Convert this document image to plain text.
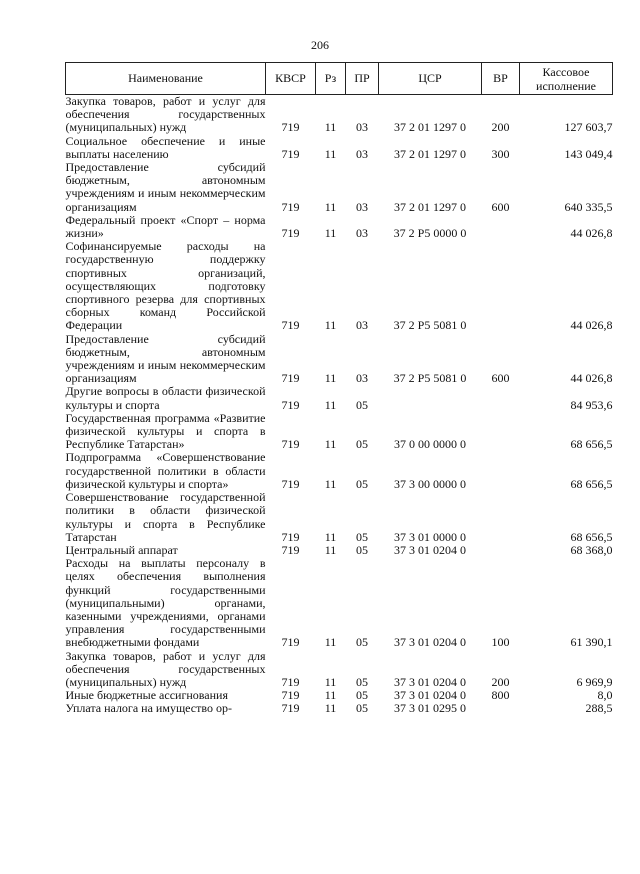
206
Наименование	КВСР	Рз	ПР	ЦСР	ВР	Кассовое исполнение
Закупка товаров, работ и услуг для обеспечения государственных (муниципальных) нужд	719	11	03	37 2 01 1297 0	200	127 603,7
Социальное обеспечение и иные выплаты населению	719	11	03	37 2 01 1297 0	300	143 049,4
Предоставление субсидий бюджетным, автономным учреждениям и иным некоммерческим организациям	719	11	03	37 2 01 1297 0	600	640 335,5
Федеральный проект «Спорт – норма жизни»	719	11	03	37 2 P5 0000 0		44 026,8
Софинансируемые расходы на государственную поддержку спортивных организаций, осуществляющих подготовку спортивного резерва для спортивных сборных команд Российской Федерации	719	11	03	37 2 P5 5081 0		44 026,8
Предоставление субсидий бюджетным, автономным учреждениям и иным некоммерческим организациям	719	11	03	37 2 P5 5081 0	600	44 026,8
Другие вопросы в области физической культуры и спорта	719	11	05			84 953,6
Государственная программа «Развитие физической культуры и спорта в Республике Татарстан»	719	11	05	37 0 00 0000 0		68 656,5
Подпрограмма «Совершенствование государственной политики в области физической культуры и спорта»	719	11	05	37 3 00 0000 0		68 656,5
Совершенствование государственной политики в области физической культуры и спорта в Республике Татарстан	719	11	05	37 3 01 0000 0		68 656,5
Центральный аппарат	719	11	05	37 3 01 0204 0		68 368,0
Расходы на выплаты персоналу в целях обеспечения выполнения функций государственными (муниципальными) органами, казенными учреждениями, органами управления государственными внебюджетными фондами	719	11	05	37 3 01 0204 0	100	61 390,1
Закупка товаров, работ и услуг для обеспечения государственных (муниципальных) нужд	719	11	05	37 3 01 0204 0	200	6 969,9
Иные бюджетные ассигнования	719	11	05	37 3 01 0204 0	800	8,0
Уплата налога на имущество ор-	719	11	05	37 3 01 0295 0		288,5
